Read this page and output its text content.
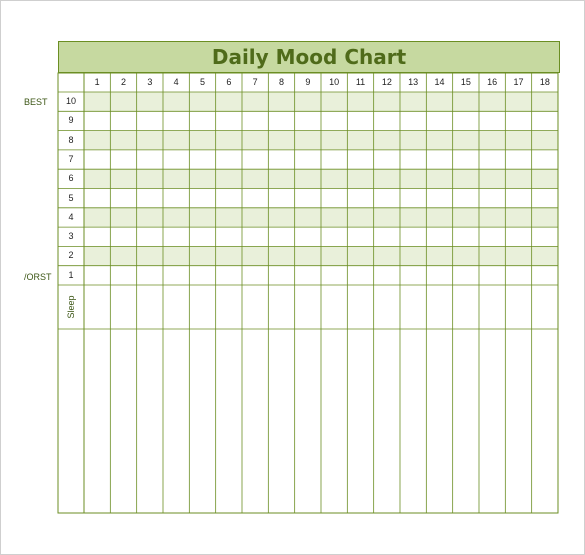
BEST
/ORST
Daily Mood Chart
1	2	3	4	5	6	7	8	9	10	11	12	13	14	15	16	17	18
10
9
8
7
6
5
4
3
2
1
Sleep
